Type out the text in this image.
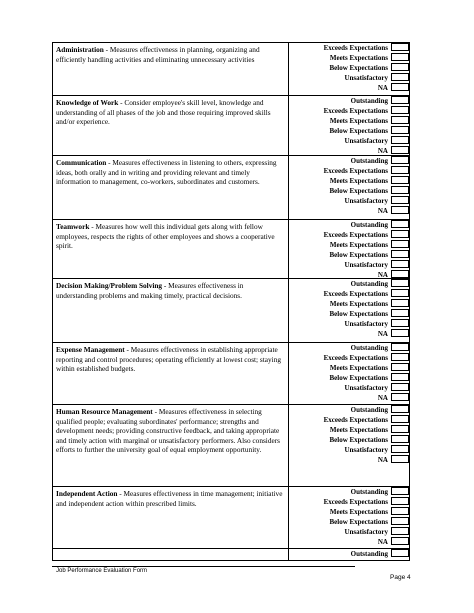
Administration - Measures effectiveness in planning, organizing and efficiently handling activities and eliminating unnecessary activities
Exceeds Expectations
Meets Expectations
Below Expectations
Unsatisfactory
NA
Knowledge of Work - Consider employee's skill level, knowledge and understanding of all phases of the job and those requiring improved skills and/or experience.
Outstanding
Exceeds Expectations
Meets Expectations
Below Expectations
Unsatisfactory
NA
Communication - Measures effectiveness in listening to others, expressing ideas, both orally and in writing and providing relevant and timely information to management, co-workers, subordinates and customers.
Outstanding
Exceeds Expectations
Meets Expectations
Below Expectations
Unsatisfactory
NA
Teamwork - Measures how well this individual gets along with fellow employees, respects the rights of other employees and shows a cooperative spirit.
Outstanding
Exceeds Expectations
Meets Expectations
Below Expectations
Unsatisfactory
NA
Decision Making/Problem Solving - Measures effectiveness in understanding problems and making timely, practical decisions.
Outstanding
Exceeds Expectations
Meets Expectations
Below Expectations
Unsatisfactory
NA
Expense Management - Measures effectiveness in establishing appropriate reporting and control procedures; operating efficiently at lowest cost; staying within established budgets.
Outstanding
Exceeds Expectations
Meets Expectations
Below Expectations
Unsatisfactory
NA
Human Resource Management - Measures effectiveness in selecting qualified people; evaluating subordinates' performance; strengths and development needs; providing constructive feedback, and taking appropriate and timely action with marginal or unsatisfactory performers. Also considers efforts to further the university goal of equal employment opportunity.
Outstanding
Exceeds Expectations
Meets Expectations
Below Expectations
Unsatisfactory
NA
Independent Action - Measures effectiveness in time management; initiative and independent action within prescribed limits.
Outstanding
Exceeds Expectations
Meets Expectations
Below Expectations
Unsatisfactory
NA
Outstanding
Job Performance Evaluation Form
Page 4
